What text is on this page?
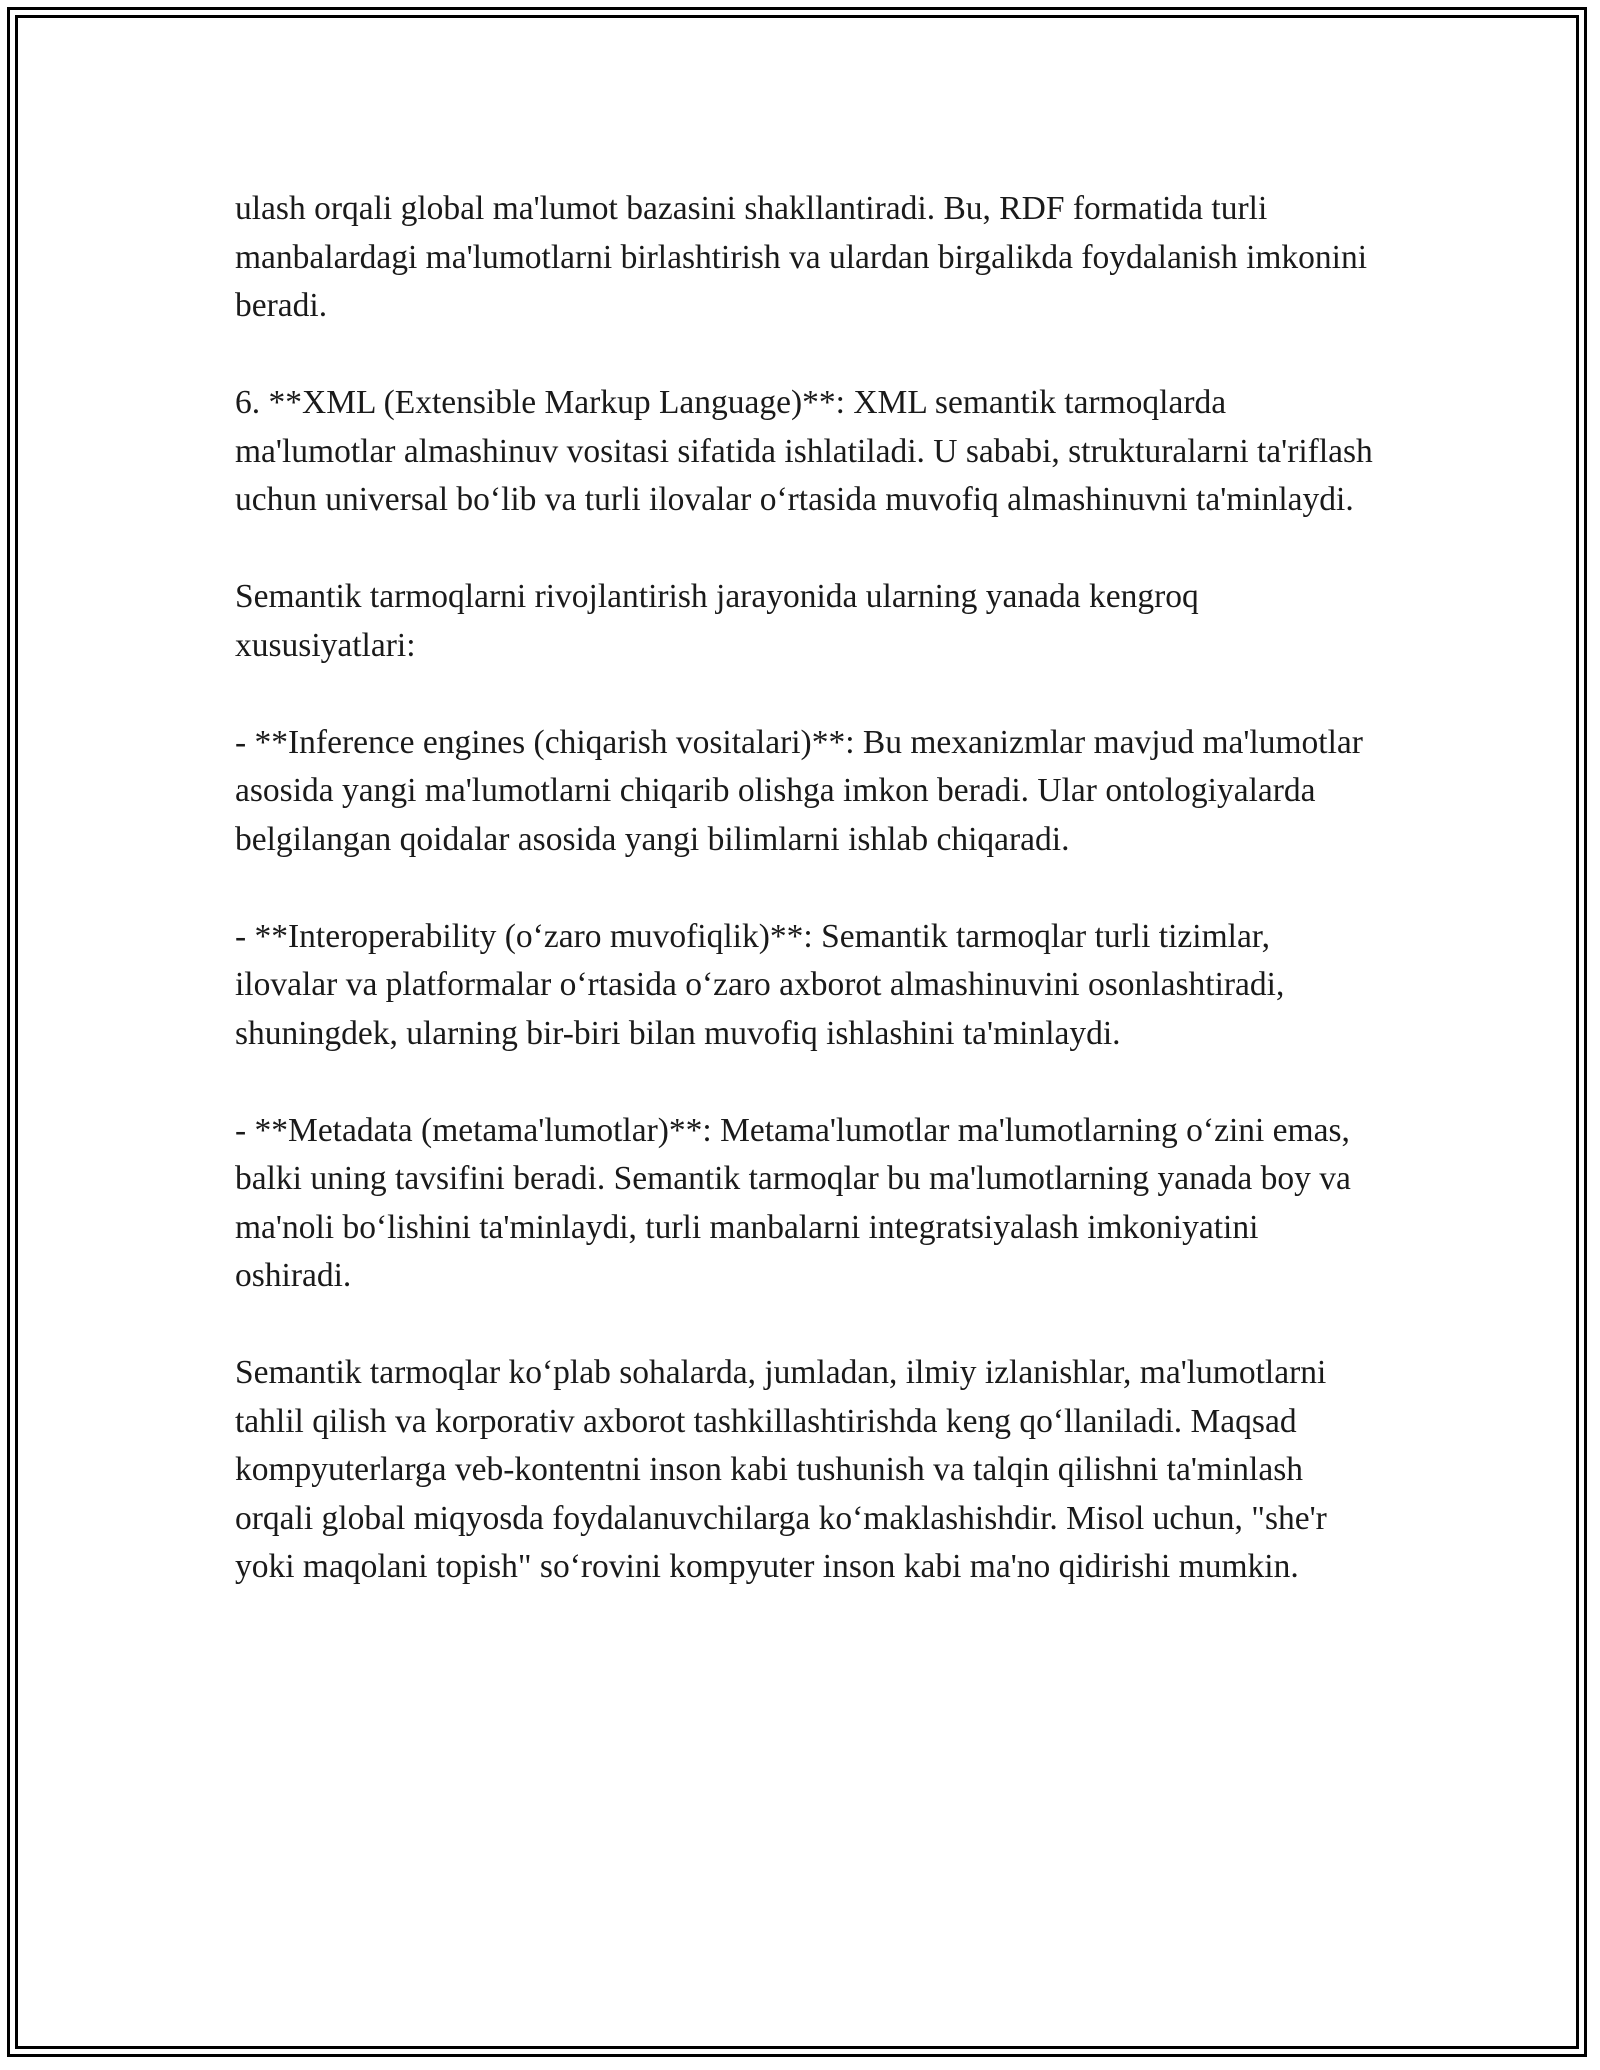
ulash orqali global ma'lumot bazasini shakllantiradi. Bu, RDF formatida turli manbalardagi ma'lumotlarni birlashtirish va ulardan birgalikda foydalanish imkonini beradi.

6. **XML (Extensible Markup Language)**: XML semantik tarmoqlarda ma'lumotlar almashinuv vositasi sifatida ishlatiladi. U sababi, strukturalarni ta'riflash uchun universal bo‘lib va turli ilovalar o‘rtasida muvofiq almashinuvni ta'minlaydi.

Semantik tarmoqlarni rivojlantirish jarayonida ularning yanada kengroq xususiyatlari:

- **Inference engines (chiqarish vositalari)**: Bu mexanizmlar mavjud ma'lumotlar asosida yangi ma'lumotlarni chiqarib olishga imkon beradi. Ular ontologiyalarda belgilangan qoidalar asosida yangi bilimlarni ishlab chiqaradi.

- **Interoperability (o‘zaro muvofiqlik)**: Semantik tarmoqlar turli tizimlar, ilovalar va platformalar o‘rtasida o‘zaro axborot almashinuvini osonlashtiradi, shuningdek, ularning bir-biri bilan muvofiq ishlashini ta'minlaydi.

- **Metadata (metama'lumotlar)**: Metama'lumotlar ma'lumotlarning o‘zini emas, balki uning tavsifini beradi. Semantik tarmoqlar bu ma'lumotlarning yanada boy va ma'noli bo‘lishini ta'minlaydi, turli manbalarni integratsiyalash imkoniyatini oshiradi.

Semantik tarmoqlar ko‘plab sohalarda, jumladan, ilmiy izlanishlar, ma'lumotlarni tahlil qilish va korporativ axborot tashkillashtirishda keng qo‘llaniladi. Maqsad kompyuterlarga veb-kontentni inson kabi tushunish va talqin qilishni ta'minlash orqali global miqyosda foydalanuvchilarga ko‘maklashishdir. Misol uchun, "she'r yoki maqolani topish" so‘rovini kompyuter inson kabi ma'no qidirishi mumkin.
